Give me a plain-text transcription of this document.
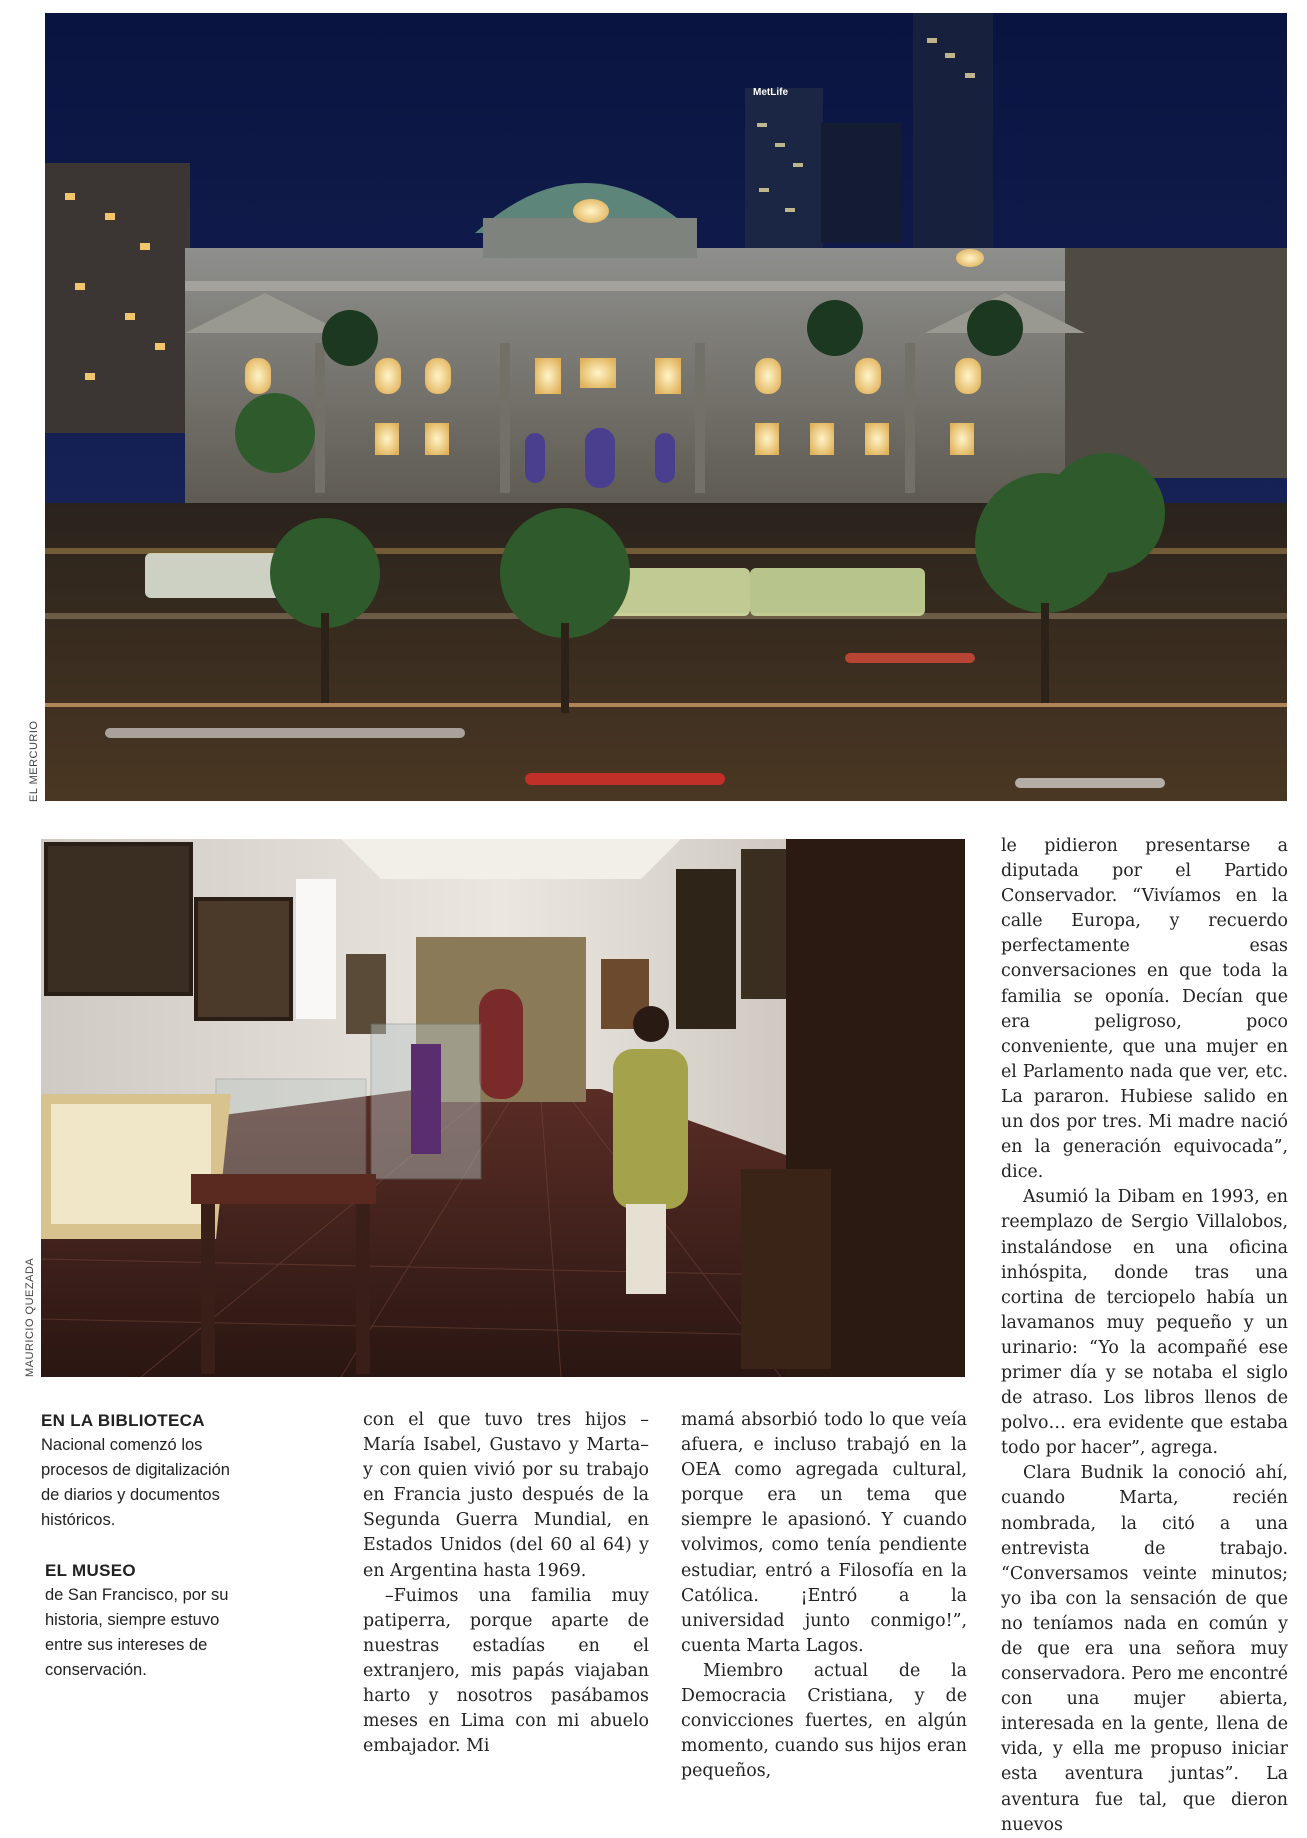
MetLife
EL MERCURIO
MAURICIO QUEZADA
EN LA BIBLIOTECA
Nacional comenzó los procesos de digitalización de diarios y documentos históricos.
EL MUSEO
de San Francisco, por su historia, siempre estuvo entre sus intereses de conservación.

con el que tuvo tres hijos –María Isabel, Gustavo y Marta– y con quien vivió por su trabajo en Francia justo después de la Segunda Guerra Mundial, en Estados Unidos (del 60 al 64) y en Argentina hasta 1969.

–Fuimos una familia muy patiperra, porque aparte de nuestras estadías en el extranjero, mis papás viajaban harto y nosotros pasábamos meses en Lima con mi abuelo embajador. Mi

mamá absorbió todo lo que veía afuera, e incluso trabajó en la OEA como agregada cultural, porque era un tema que siempre le apasionó. Y cuando volvimos, como tenía pendiente estudiar, entró a Filosofía en la Católica. ¡Entró a la universidad junto conmigo!”, cuenta Marta Lagos.

Miembro actual de la Democracia Cristiana, y de convicciones fuertes, en algún momento, cuando sus hijos eran pequeños,

le pidieron presentarse a diputada por el Partido Conservador. “Vivíamos en la calle Europa, y recuerdo perfectamente esas conversaciones en que toda la familia se oponía. Decían que era peligroso, poco conveniente, que una mujer en el Parlamento nada que ver, etc. La pararon. Hubiese salido en un dos por tres. Mi madre nació en la generación equivocada”, dice.

Asumió la Dibam en 1993, en reemplazo de Sergio Villalobos, instalándose en una oficina inhóspita, donde tras una cortina de terciopelo había un lavamanos muy pequeño y un urinario: “Yo la acompañé ese primer día y se notaba el siglo de atraso. Los libros llenos de polvo… era evidente que estaba todo por hacer”, agrega.

Clara Budnik la conoció ahí, cuando Marta, recién nombrada, la citó a una entrevista de trabajo. “Conversamos veinte minutos; yo iba con la sensación de que no teníamos nada en común y de que era una señora muy conservadora. Pero me encontré con una mujer abierta, interesada en la gente, llena de vida, y ella me propuso iniciar esta aventura juntas”. La aventura fue tal, que dieron nuevos
